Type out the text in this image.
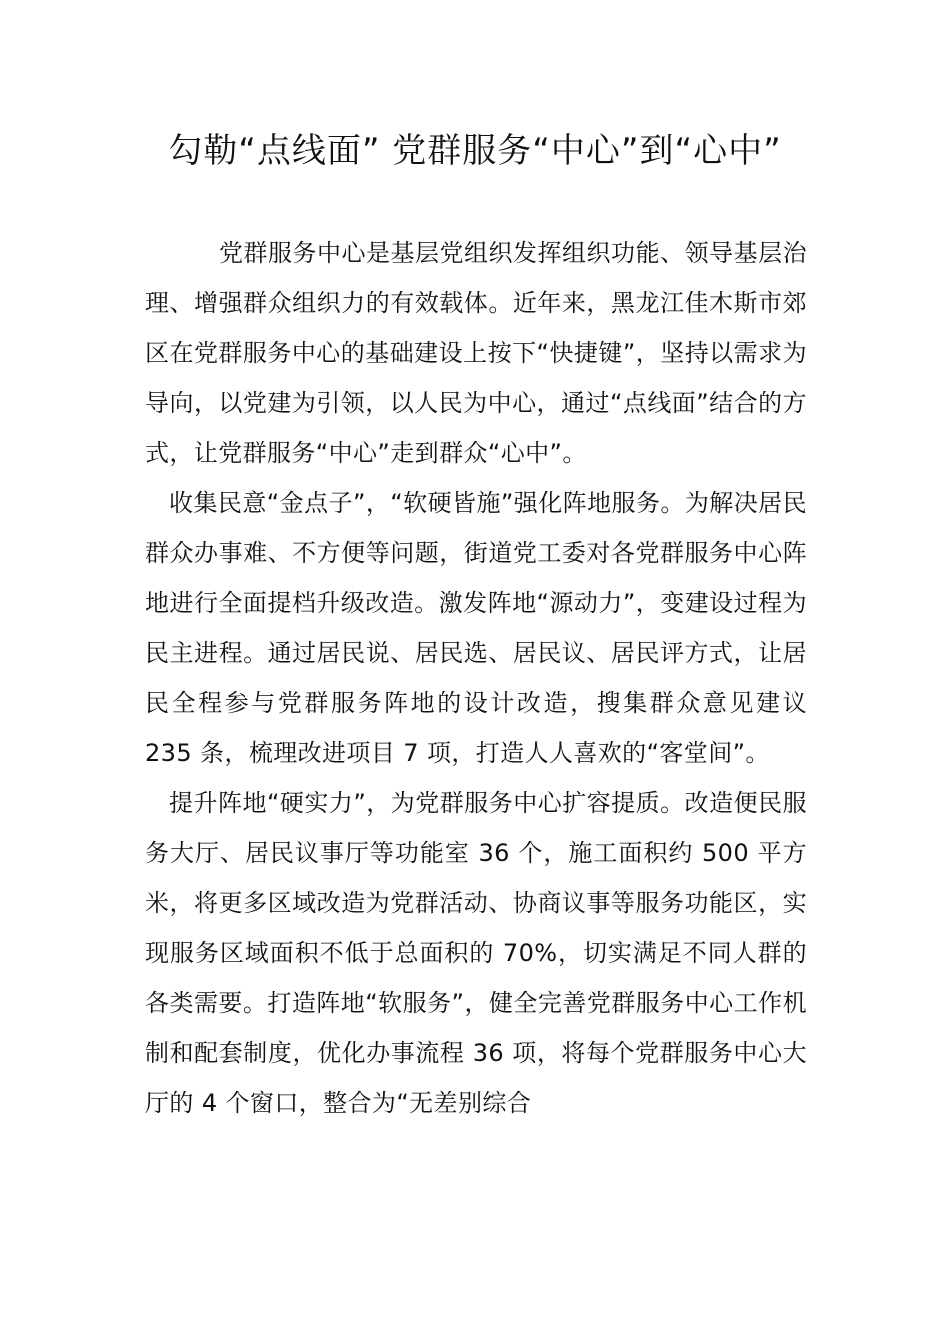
勾勒“点线面” 党群服务“中心”到“心中”

党群服务中心是基层党组织发挥组织功能、领导基层治理、增强群众组织力的有效载体。近年来，黑龙江佳木斯市郊区在党群服务中心的基础建设上按下“快捷键”，坚持以需求为导向，以党建为引领，以人民为中心，通过“点线面”结合的方式，让党群服务“中心”走到群众“心中”。

收集民意“金点子”，“软硬皆施”强化阵地服务。为解决居民群众办事难、不方便等问题，街道党工委对各党群服务中心阵地进行全面提档升级改造。激发阵地“源动力”，变建设过程为民主进程。通过居民说、居民选、居民议、居民评方式，让居民全程参与党群服务阵地的设计改造，搜集群众意见建议 235 条，梳理改进项目 7 项，打造人人喜欢的“客堂间”。

提升阵地“硬实力”，为党群服务中心扩容提质。改造便民服务大厅、居民议事厅等功能室 36 个，施工面积约 500 平方米，将更多区域改造为党群活动、协商议事等服务功能区，实现服务区域面积不低于总面积的 70%，切实满足不同人群的各类需要。打造阵地“软服务”，健全完善党群服务中心工作机制和配套制度，优化办事流程 36 项，将每个党群服务中心大厅的 4 个窗口，整合为“无差别综合
